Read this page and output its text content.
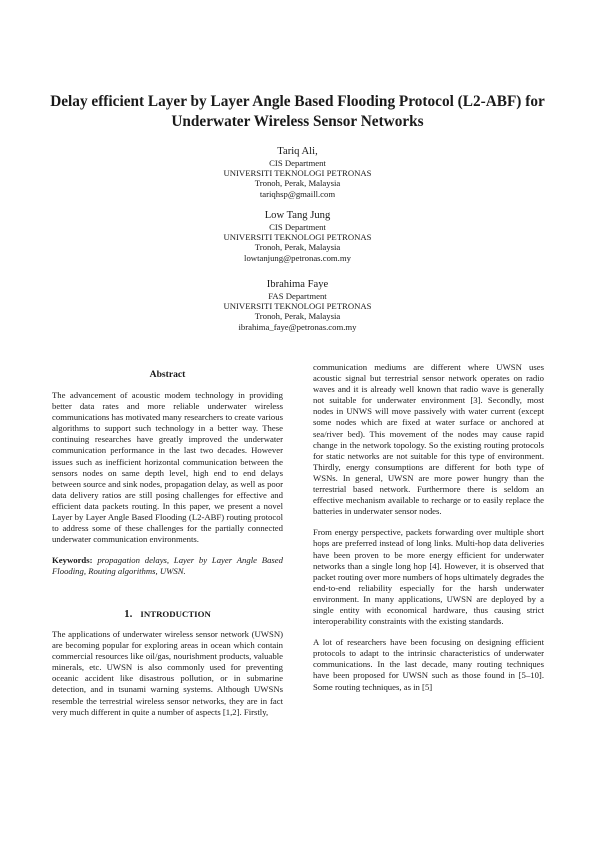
Delay efficient Layer by Layer Angle Based Flooding Protocol (L2-ABF) for Underwater Wireless Sensor Networks
Tariq Ali,
CIS Department
UNIVERSITI TEKNOLOGI PETRONAS
Tronoh, Perak, Malaysia
tariqhsp@gmaill.com
Low Tang Jung
CIS Department
UNIVERSITI TEKNOLOGI PETRONAS
Tronoh, Perak, Malaysia
lowtanjung@petronas.com.my
Ibrahima Faye
FAS Department
UNIVERSITI TEKNOLOGI PETRONAS
Tronoh, Perak, Malaysia
ibrahima_faye@petronas.com.my
Abstract

The advancement of acoustic modem technology in providing better data rates and more reliable underwater wireless communications has motivated many researchers to create various algorithms to support such technology in a better way. These continuing researches have greatly improved the underwater communication performance in the last two decades. However issues such as inefficient horizontal communication between the sensors nodes on same depth level, high end to end delays between source and sink nodes, propagation delay, as well as poor data delivery ratios are still posing challenges for effective and efficient data packets routing. In this paper, we present a novel Layer by Layer Angle Based Flooding (L2-ABF) routing protocol to address some of these challenges for the partially connected underwater communication environments.

Keywords: propagation delays, Layer by Layer Angle Based Flooding, Routing algorithms, UWSN.

1. INTRODUCTION

The applications of underwater wireless sensor network (UWSN) are becoming popular for exploring areas in ocean which contain commercial resources like oil/gas, nourishment products, valuable minerals, etc. UWSN is also commonly used for preventing oceanic accident like disastrous pollution, or in submarine detection, and in tsunami warning systems. Although UWSNs resemble the terrestrial wireless sensor networks, they are in fact very much different in quite a number of aspects [1,2]. Firstly,

communication mediums are different where UWSN uses acoustic signal but terrestrial sensor network operates on radio waves and it is already well known that radio wave is generally not suitable for underwater environment [3]. Secondly, most nodes in UNWS will move passively with water current (except some nodes which are fixed at water surface or anchored at sea/river bed). This movement of the nodes may cause rapid change in the network topology. So the existing routing protocols for static networks are not suitable for this type of environment. Thirdly, energy consumptions are different for both type of WSNs. In general, UWSN are more power hungry than the terrestrial based network. Furthermore there is seldom an effective mechanism available to recharge or to easily replace the batteries in underwater sensor nodes.

From energy perspective, packets forwarding over multiple short hops are preferred instead of long links. Multi-hop data deliveries have been proven to be more energy efficient for underwater networks than a single long hop [4]. However, it is observed that packet routing over more numbers of hops ultimately degrades the end-to-end reliability especially for the harsh underwater environment. In many applications, UWSN are deployed by a single entity with economical hardware, thus causing strict interoperability constraints with the existing standards.

A lot of researchers have been focusing on designing efficient protocols to adapt to the intrinsic characteristics of underwater communications. In the last decade, many routing techniques have been proposed for UWSN such as those found in [5–10]. Some routing techniques, as in [5]
